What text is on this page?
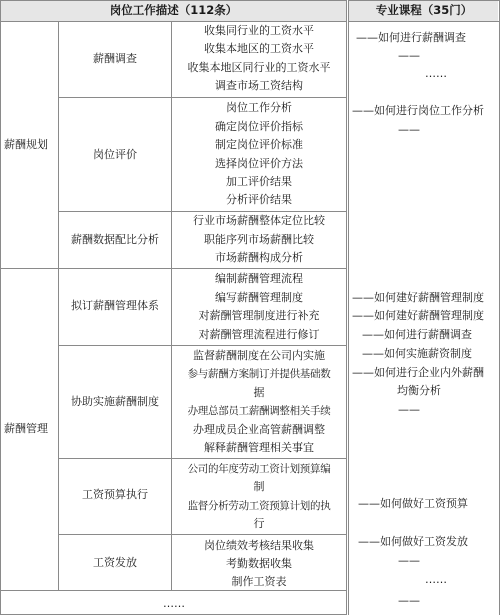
岗位工作描述（112条）	专业课程（35门）
薪酬规划
薪酬管理
薪酬调查
岗位评价
薪酬数据配比分析
拟订薪酬管理体系
协助实施薪酬制度
工资预算执行
工资发放
收集同行业的工资水平
收集本地区的工资水平
收集本地区同行业的工资水平
调查市场工资结构
岗位工作分析
确定岗位评价指标
制定岗位评价标准
选择岗位评价方法
加工评价结果
分析评价结果
行业市场薪酬整体定位比较
职能序列市场薪酬比较
市场薪酬构成分析
编制薪酬管理流程
编写薪酬管理制度
对薪酬管理制度进行补充
对薪酬管理流程进行修订
监督薪酬制度在公司内实施
参与薪酬方案制订并提供基础数
据
办理总部员工薪酬调整相关手续
办理成员企业高管薪酬调整
解释薪酬管理相关事宜
公司的年度劳动工资计划预算编
制
监督分析劳动工资预算计划的执
行
岗位绩效考核结果收集
考勤数据收集
制作工资表
……
——如何进行薪酬调查
——
……
——如何进行岗位工作分析
——
——如何建好薪酬管理制度
——如何建好薪酬管理制度
——如何进行薪酬调查
——如何实施薪资制度
——如何进行企业内外薪酬
均衡分析
——
——如何做好工资预算
——如何做好工资发放
——
……
——
